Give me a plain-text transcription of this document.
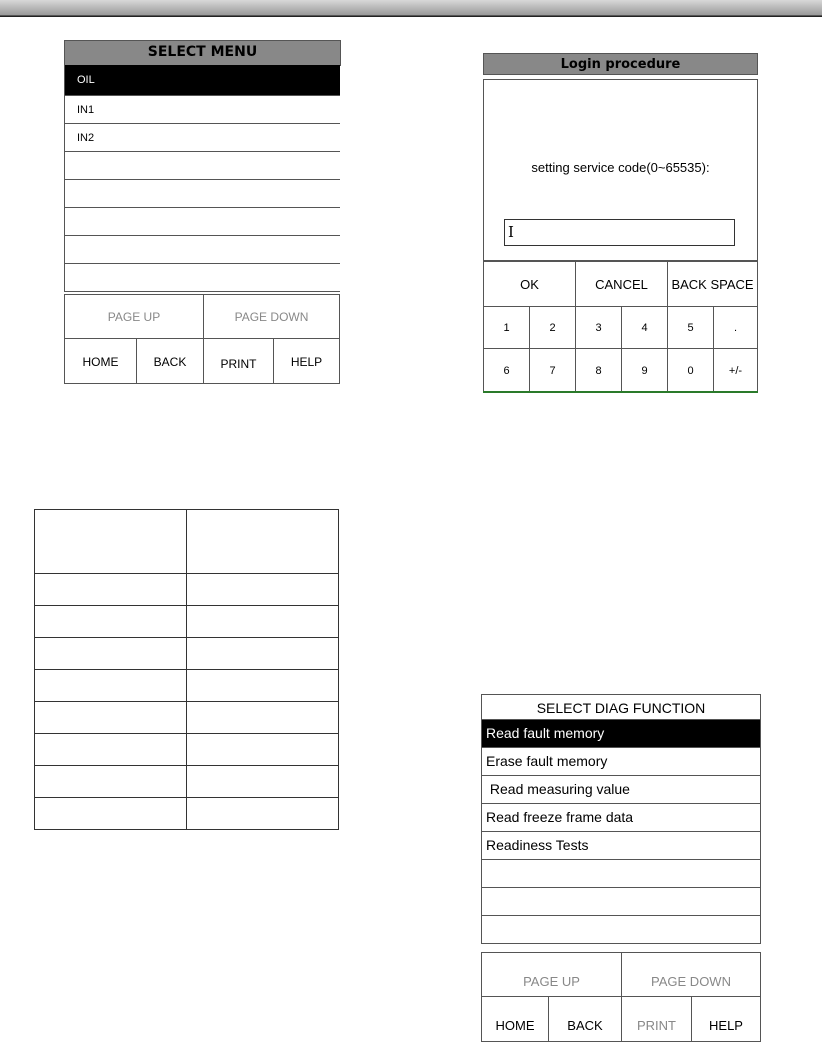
SELECT MENU
OIL
IN1
IN2
PAGE UP	PAGE DOWN
HOME	BACK	PRINT	HELP
Login procedure
setting service code(0~65535):
I
OK	CANCEL	BACK SPACE
1	2	3	4	5	.
6	7	8	9	0	+/-

SELECT DIAG FUNCTION
Read fault memory
Erase fault memory
Read measuring value
Read freeze frame data
Readiness Tests
PAGE UP	PAGE DOWN
HOME	BACK	PRINT	HELP
